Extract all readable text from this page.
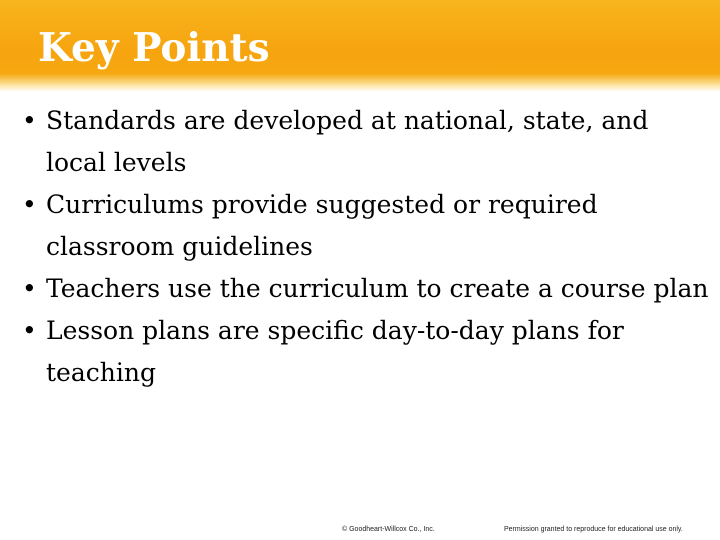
Key Points
• Standards are developed at national, state, and local levels
• Curriculums provide suggested or required classroom guidelines
• Teachers use the curriculum to create a course plan
• Lesson plans are specific day-to-day plans for teaching
© Goodheart-Willcox Co., Inc.	Permission granted to reproduce for educational use only.
